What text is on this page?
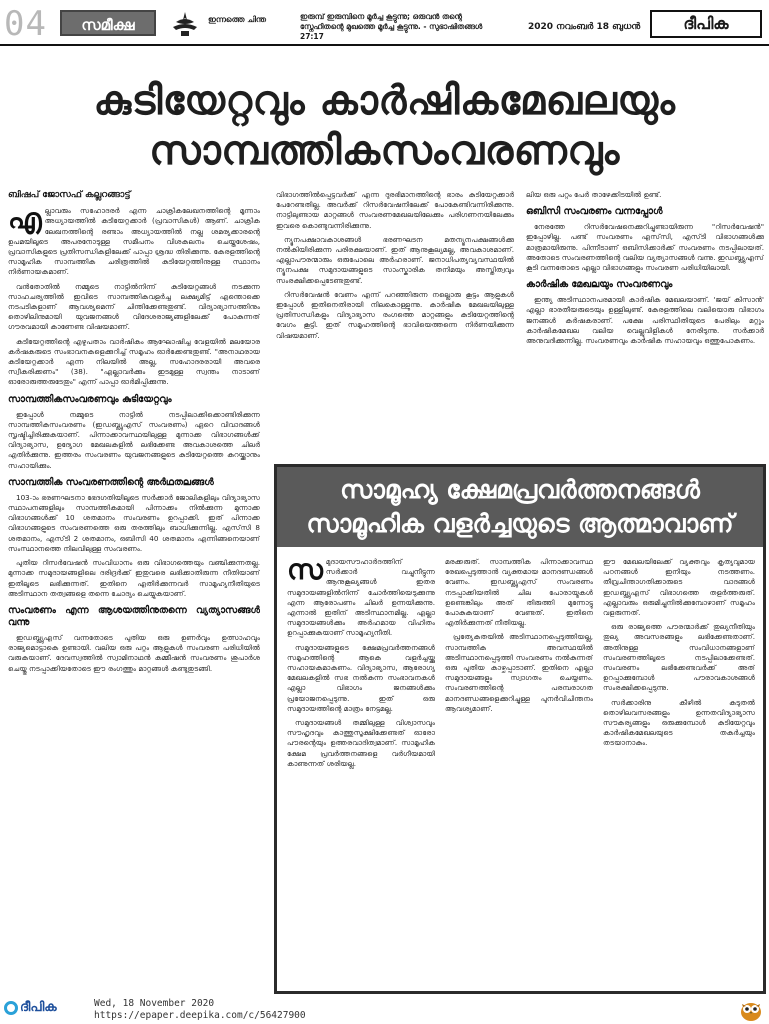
04	സമീക്ഷ	ഇന്നത്തെ ചിന്ത	ഇരുമ്പ് ഇരുമ്പിനെ മൂർച്ച കൂട്ടുന്നു; ഒരുവൻ തന്റെ സ്നേഹിതന്റെ മുഖത്തെ മൂർച്ച കൂട്ടുന്നു. - സുഭാഷിതങ്ങൾ 27:17
2020 നവംബർ 18 ബുധൻ	ദീപിക
കുടിയേറ്റവും കാർഷികമേഖലയും
സാമ്പത്തികസംവരണവും
ബിഷപ് ജോസഫ് കല്ലറങ്ങാട്ട്

എല്ലാവരും സഹോദരർ എന്ന ചാക്രികലേഖനത്തിന്റെ മൂന്നാം അധ്യായത്തിൽ കുടിയേറ്റക്കാർ (പ്രവാസികൾ) ആണ്. ചാക്രിക ലേഖനത്തിന്റെ രണ്ടാം അധ്യായത്തിൽ നല്ല ശമര്യക്കാരന്റെ ഉപമയിലൂടെ അപരനോടുള്ള സമീപനം വിശകലനം ചെയ്തശേഷം, പ്രവാസികളുടെ പ്രതിസന്ധികളിലേക്ക് പാപ്പാ ശ്രദ്ധ തിരിക്കുന്നു. കേരളത്തിന്റെ സാമൂഹിക സാമ്പത്തിക ചരിത്രത്തിൽ കുടിയേറ്റത്തിനുള്ള സ്ഥാനം നിർണായകമാണ്.

വൻതോതിൽ നമ്മുടെ നാട്ടിൽനിന്ന് കുടിയേറ്റങ്ങൾ നടക്കുന്ന സാഹചര്യത്തിൽ ഇവിടെ സാമ്പത്തികവളർച്ച ലക്ഷ്യമിട്ട് എന്തൊക്കെ നടപടികളാണ് ആവശ്യമെന്ന് ചിന്തിക്കേണ്ടതുണ്ട്. വിദ്യാഭ്യാസത്തിനും തൊഴിലിനുമായി യുവജനങ്ങൾ വിദേശരാജ്യങ്ങളിലേക്ക് പോകുന്നത് ഗൗരവമായി കാണേണ്ട വിഷയമാണ്.

കുടിയേറ്റത്തിന്റെ എഴുപതാം വാർഷികം ആഘോഷിച്ച വേളയിൽ മലയോര കർഷകരുടെ സംഭാവനകളെക്കുറിച്ച് സമൂഹം ഓർക്കേണ്ടതുണ്ട്. "അനാഥരായ കുടിയേറ്റക്കാർ എന്ന നിലയിൽ അല്ല, സഹോദരരായി അവരെ സ്വീകരിക്കണം" (38). "എല്ലാവർക്കും ഇടമുള്ള സ്വന്തം നാടാണ് ഓരോരുത്തരുടേതും" എന്ന് പാപ്പാ ഓർമിപ്പിക്കുന്നു.

സാമ്പത്തികസംവരണവും കുടിയേറ്റവും

ഇപ്പോൾ നമ്മുടെ നാട്ടിൽ നടപ്പിലാക്കിക്കൊണ്ടിരിക്കുന്ന സാമ്പത്തികസംവരണം (ഇഡബ്ല്യുഎസ് സംവരണം) ഏറെ വിവാദങ്ങൾ സൃഷ്ടിച്ചിരിക്കുകയാണ്. പിന്നാക്കാവസ്ഥയിലുള്ള മുന്നാക്ക വിഭാഗങ്ങൾക്ക് വിദ്യാഭ്യാസ, ഉദ്യോഗ മേഖലകളിൽ ലഭിക്കേണ്ട അവകാശത്തെ ചിലർ എതിർക്കുന്നു. ഇത്തരം സംവരണം യുവജനങ്ങളുടെ കുടിയേറ്റത്തെ കുറയ്ക്കാനും സഹായിക്കും.

സാമ്പത്തിക സംവരണത്തിന്റെ അർഥതലങ്ങൾ

103-ാം ഭരണഘടനാ ഭേദഗതിയിലൂടെ സർക്കാർ ജോലികളിലും വിദ്യാഭ്യാസ സ്ഥാപനങ്ങളിലും സാമ്പത്തികമായി പിന്നാക്കം നിൽക്കുന്ന മുന്നാക്ക വിഭാഗങ്ങൾക്ക് 10 ശതമാനം സംവരണം ഉറപ്പാക്കി. ഇത് പിന്നാക്ക വിഭാഗങ്ങളുടെ സംവരണത്തെ ഒരു തരത്തിലും ബാധിക്കുന്നില്ല. എസ്‌സി 8 ശതമാനം, എസ്‌ടി 2 ശതമാനം, ഒബിസി 40 ശതമാനം എന്നിങ്ങനെയാണ് സംസ്ഥാനത്തെ നിലവിലുള്ള സംവരണം.

പുതിയ റിസർവേഷൻ സംവിധാനം ഒരു വിഭാഗത്തെയും വഞ്ചിക്കുന്നതല്ല. മുന്നാക്ക സമുദായങ്ങളിലെ ദരിദ്രർക്ക് ഇതുവരെ ലഭിക്കാതിരുന്ന നീതിയാണ് ഇതിലൂടെ ലഭിക്കുന്നത്. ഇതിനെ എതിർക്കുന്നവർ സാമൂഹ്യനീതിയുടെ അടിസ്ഥാന തത്വങ്ങളെ തന്നെ ചോദ്യം ചെയ്യുകയാണ്.

സംവരണം എന്ന ആശയത്തിനുതന്നെ വ്യത്യാസങ്ങൾ വന്നു

ഇഡബ്ല്യുഎസ് വന്നതോടെ പുതിയ ഒരു ഉണർവും ഉത്സാഹവും രാജ്യമൊട്ടാകെ ഉണ്ടായി. വലിയ ഒരു പറ്റം ആളുകൾ സംവരണ പരിധിയിൽ വരുകയാണ്. ദേവസ്വത്തിൽ സ്വാമിനാഥൻ കമ്മീഷൻ സംവരണം ശുപാർശ ചെയ്തു നടപ്പാക്കിയതോടെ ഈ രംഗത്തും മാറ്റങ്ങൾ കണ്ടുതുടങ്ങി.

വിഭാഗത്തിൽപ്പെട്ടവർക്ക് എന്ന ദുരഭിമാനത്തിന്റെ ഭാരം കുടിയേറ്റക്കാർ പേറേണ്ടതില്ല. അവർക്ക് റിസർവേഷനിലേക്ക് പോകേണ്ടിവന്നിരിക്കുന്നു. നാട്ടിലുണ്ടായ മാറ്റങ്ങൾ സംവരണമേഖലയിലേക്കും പരിഗണനയിലേക്കും ഇവരെ കൊണ്ടുവന്നിരിക്കുന്നു.

ന്യൂനപക്ഷാവകാശങ്ങൾ ഭരണഘടന മതന്യൂനപക്ഷങ്ങൾക്കു നൽകിയിരിക്കുന്ന പരിരക്ഷയാണ്. ഇത് ആനുകൂല്യമല്ല, അവകാശമാണ്. എല്ലാപൗരന്മാരും ഒരുപോലെ അർഹരാണ്. ജനാധിപത്യവ്യവസ്ഥയിൽ ന്യൂനപക്ഷ സമുദായങ്ങളുടെ സാംസ്കാരിക തനിമയും അസ്തിത്വവും സംരക്ഷിക്കപ്പെടേണ്ടതുണ്ട്.

റിസർവേഷൻ വേണം എന്ന് പറഞ്ഞിരുന്ന നല്ലൊരു കൂട്ടം ആളുകൾ ഇപ്പോൾ ഇതിനെതിരായി നിലകൊള്ളുന്നു. കാർഷിക മേഖലയിലുള്ള പ്രതിസന്ധികളും വിദ്യാഭ്യാസ രംഗത്തെ മാറ്റങ്ങളും കുടിയേറ്റത്തിന്റെ വേഗം കൂട്ടി. ഇത് സമൂഹത്തിന്റെ ഭാവിയെത്തന്നെ നിർണയിക്കുന്ന വിഷയമാണ്.

ലിയ ഒരു പറ്റം പേർ താഴേക്കിടയിൽ ഉണ്ട്.

ഒബിസി സംവരണം വന്നപ്പോൾ

നേരത്തേ റിസർവേഷനെക്കുറിച്ചുണ്ടായിരുന്ന "റിസർവേഷൻ" ഇപ്പോഴില്ല. പണ്ട് സംവരണം എസ്‌സി, എസ്‌ടി വിഭാഗങ്ങൾക്കു മാത്രമായിരുന്നു. പിന്നീടാണ് ഒബിസിക്കാർക്ക് സംവരണം നടപ്പിലായത്. അതോടെ സംവരണത്തിന്റെ വലിയ വ്യത്യാസങ്ങൾ വന്നു. ഇഡബ്ല്യുഎസ് കൂടി വന്നതോടെ എല്ലാ വിഭാഗങ്ങളും സംവരണ പരിധിയിലായി.

കാർഷിക മേഖലയും സംവരണവും

ഇന്ത്യ അടിസ്ഥാനപരമായി കാർഷിക മേഖലയാണ്. 'ജയ് കിസാൻ' എല്ലാ ഭാരതീയരുടെയും ഉള്ളിലുണ്ട്. കേരളത്തിലെ വലിയൊരു വിഭാഗം ജനങ്ങൾ കർഷകരാണ്. പക്ഷേ പരിസ്ഥിതിയുടെ പേരിലും മറ്റും കാർഷികമേഖല വലിയ വെല്ലുവിളികൾ നേരിടുന്നു. സർക്കാർ അനുവദിക്കുന്നില്ല. സംവരണവും കാർഷിക സഹായവും ഒത്തുപോകണം.

സാമൂഹ്യ ക്ഷേമപ്രവർത്തനങ്ങൾ
സാമൂഹിക വളർച്ചയുടെ ആത്മാവാണ്

സമുദായസൗഹാർദത്തിന് സർക്കാർ വച്ചുനീട്ടുന്ന ആനുകൂല്യങ്ങൾ ഇതര സമുദായങ്ങളിൽനിന്ന് ചോർത്തിയെടുക്കുന്നു എന്ന ആരോപണം ചിലർ ഉന്നയിക്കുന്നു. എന്നാൽ ഇതിന് അടിസ്ഥാനമില്ല. എല്ലാ സമുദായങ്ങൾക്കും അർഹമായ വിഹിതം ഉറപ്പാക്കുകയാണ് സാമൂഹ്യനീതി.

സമുദായങ്ങളുടെ ക്ഷേമപ്രവർത്തനങ്ങൾ സമൂഹത്തിന്റെ ആകെ വളർച്ചയ്ക്കു സഹായകമാകണം. വിദ്യാഭ്യാസ, ആരോഗ്യ മേഖലകളിൽ സഭ നൽകുന്ന സംഭാവനകൾ എല്ലാ വിഭാഗം ജനങ്ങൾക്കും പ്രയോജനപ്പെടുന്നു. ഇത് ഒരു സമുദായത്തിന്റെ മാത്രം നേട്ടമല്ല.

സമുദായങ്ങൾ തമ്മിലുള്ള വിശ്വാസവും സൗഹൃദവും കാത്തുസൂക്ഷിക്കേണ്ടത് ഓരോ പൗരന്റെയും ഉത്തരവാദിത്വമാണ്. സാമൂഹിക ക്ഷേമ പ്രവർത്തനങ്ങളെ വർഗീയമായി കാണുന്നത് ശരിയല്ല.

മരക്കരുത്. സാമ്പത്തിക പിന്നാക്കാവസ്ഥ രേഖപ്പെടുത്താൻ വ്യക്തമായ മാനദണ്ഡങ്ങൾ വേണം. ഇഡബ്ല്യുഎസ് സംവരണം നടപ്പാക്കിയതിൽ ചില പോരായ്മകൾ ഉണ്ടെങ്കിലും അത് തിരുത്തി മുന്നോട്ടു പോകുകയാണ് വേണ്ടത്. ഇതിനെ എതിർക്കുന്നത് നീതിയല്ല.

പ്രത്യേകതയിൽ അടിസ്ഥാനപ്പെടുത്തിയല്ല, സാമ്പത്തിക അവസ്ഥയിൽ അടിസ്ഥാനപ്പെടുത്തി സംവരണം നൽകുന്നത് ഒരു പുതിയ കാഴ്ചപ്പാടാണ്. ഇതിനെ എല്ലാ സമുദായങ്ങളും സ്വാഗതം ചെയ്യണം. സംവരണത്തിന്റെ പരമ്പരാഗത മാനദണ്ഡങ്ങളെക്കുറിച്ചുള്ള പുനർവിചിന്തനം ആവശ്യമാണ്.

ഈ മേഖലയിലേക്ക് വ്യക്തവും കൃത്യവുമായ പഠനങ്ങൾ ഇനിയും നടത്തണം. തീവ്രചിന്താഗതിക്കാരുടെ വാദങ്ങൾ ഇഡബ്ല്യുഎസ് വിഭാഗത്തെ തളർത്തരുത്. എല്ലാവരും ഒരുമിച്ചുനിൽക്കുമ്പോഴാണ് സമൂഹം വളരുന്നത്.

ഒരു രാജ്യത്തെ പൗരന്മാർക്ക് തുല്യനീതിയും തുല്യ അവസരങ്ങളും ലഭിക്കേണ്ടതാണ്. അതിനുള്ള സംവിധാനങ്ങളാണ് സംവരണത്തിലൂടെ നടപ്പിലാക്കേണ്ടത്. സംവരണം ലഭിക്കേണ്ടവർക്ക് അത് ഉറപ്പാക്കുമ്പോൾ പൗരാവകാശങ്ങൾ സംരക്ഷിക്കപ്പെടുന്നു.

സർക്കാരിനു കീഴിൽ കുടുതൽ തൊഴിലവസരങ്ങളും ഉന്നതവിദ്യാഭ്യാസ സൗകര്യങ്ങളും ഒരുക്കുമ്പോൾ കുടിയേറ്റവും കാർഷികമേഖലയുടെ തകർച്ചയും തടയാനാകും.

ദീപിക	Wed, 18 November 2020
https://epaper.deepika.com/c/56427900
